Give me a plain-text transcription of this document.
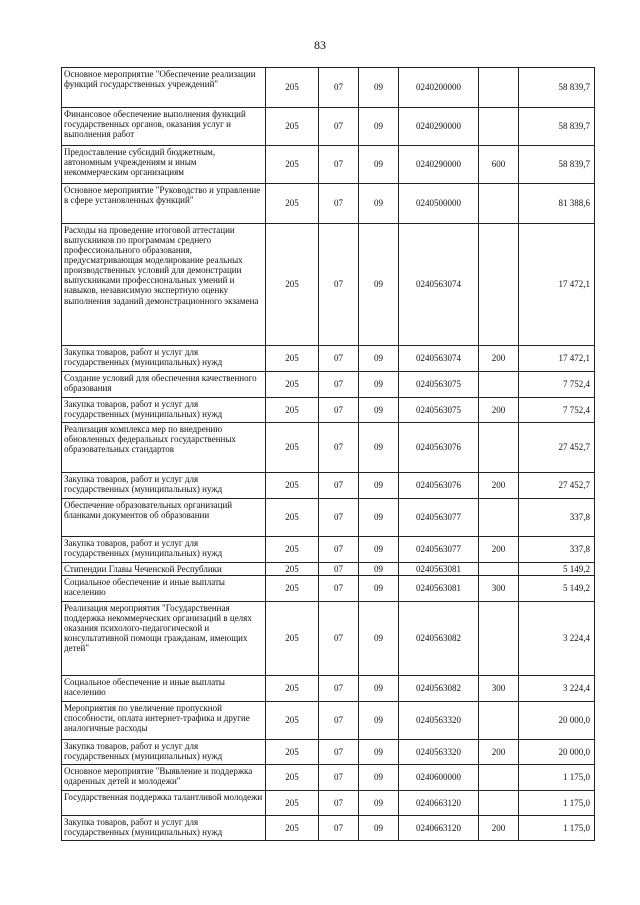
83
Основное мероприятие "Обеспечение реализации функций государственных учреждений"	205	07	09	0240200000		58 839,7
Финансовое обеспечение выполнения функций государственных органов, оказания услуг и выполнения работ	205	07	09	0240290000		58 839,7
Предоставление субсидий бюджетным, автономным учреждениям и иным некоммерческим организациям	205	07	09	0240290000	600	58 839,7
Основное мероприятие "Руководство и управление в сфере установленных функций"	205	07	09	0240500000		81 388,6
Расходы на проведение итоговой аттестации выпускников по программам среднего профессионального образования, предусматривающая моделирование реальных производственных условий для демонстрации выпускниками профессиональных умений и навыков, независимую экспертную оценку выполнения заданий демонстрационного экзамена	205	07	09	0240563074		17 472,1
Закупка товаров, работ и услуг для государственных (муниципальных) нужд	205	07	09	0240563074	200	17 472,1
Создание условий для обеспечения качественного образования	205	07	09	0240563075		7 752,4
Закупка товаров, работ и услуг для государственных (муниципальных) нужд	205	07	09	0240563075	200	7 752,4
Реализация комплекса мер по внедрению обновленных федеральных государственных образовательных стандартов	205	07	09	0240563076		27 452,7
Закупка товаров, работ и услуг для государственных (муниципальных) нужд	205	07	09	0240563076	200	27 452,7
Обеспечение образовательных организаций бланками документов об образовании	205	07	09	0240563077		337,8
Закупка товаров, работ и услуг для государственных (муниципальных) нужд	205	07	09	0240563077	200	337,8
Стипендии Главы Чеченской Республики	205	07	09	0240563081		5 149,2
Социальное обеспечение и иные выплаты населению	205	07	09	0240563081	300	5 149,2
Реализация мероприятия "Государственная поддержка некоммерческих организаций в целях оказания психолого-педагогической и консультативной помощи гражданам, имеющих детей"	205	07	09	0240563082		3 224,4
Социальное обеспечение и иные выплаты населению	205	07	09	0240563082	300	3 224,4
Мероприятия по увеличение пропускной способности, оплата интернет-трафика и другие аналогичные расходы	205	07	09	0240563320		20 000,0
Закупка товаров, работ и услуг для государственных (муниципальных) нужд	205	07	09	0240563320	200	20 000,0
Основное мероприятие "Выявление и поддержка одаренных детей и молодежи"	205	07	09	0240600000		1 175,0
Государственная поддержка талантливой молодежи	205	07	09	0240663120		1 175,0
Закупка товаров, работ и услуг для государственных (муниципальных) нужд	205	07	09	0240663120	200	1 175,0
